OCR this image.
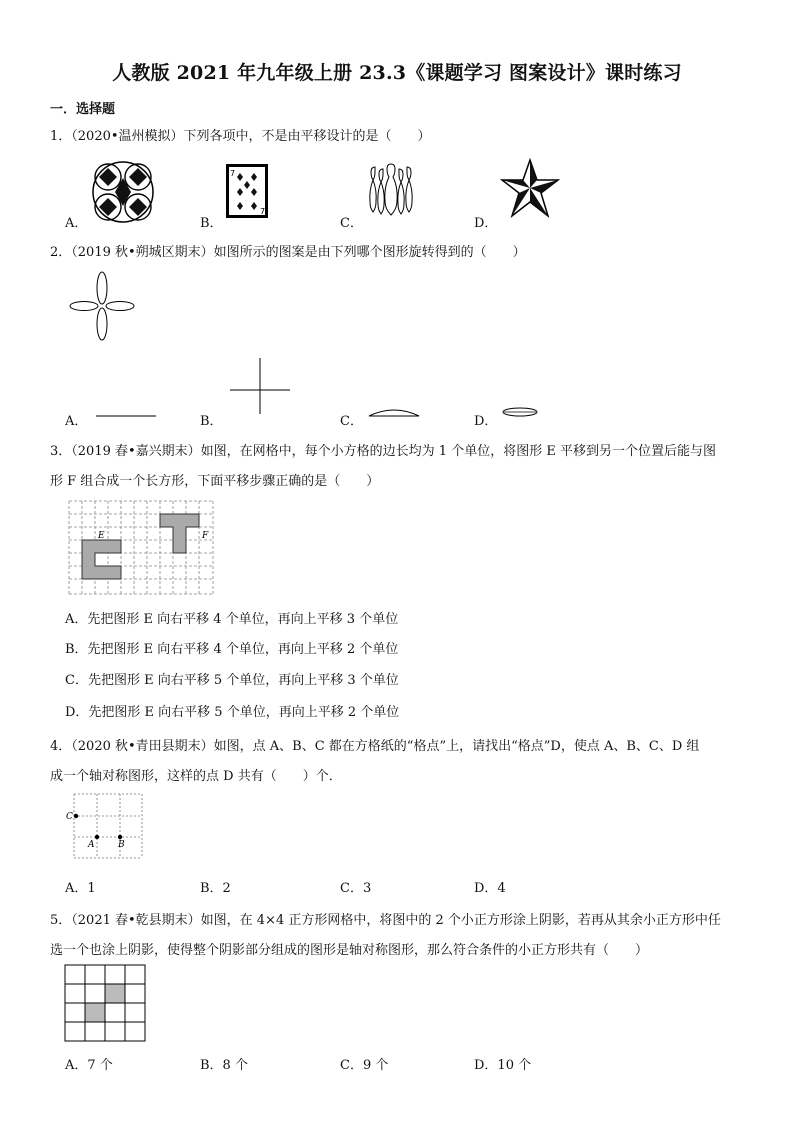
人教版 2021 年九年级上册 23.3《课题学习 图案设计》课时练习
一．选择题
1．（2020•温州模拟）下列各项中，不是由平移设计的是（　　）
7
7
A．	B．	C．	D．
2．（2019 秋•朔城区期末）如图所示的图案是由下列哪个图形旋转得到的（　　）
A．	B．	C．	D．
3．（2019 春•嘉兴期末）如图，在网格中，每个小方格的边长均为 1 个单位，将图形 E 平移到另一个位置后能与图
形 F 组合成一个长方形，下面平移步骤正确的是（　　）
E	F
A．先把图形 E 向右平移 4 个单位，再向上平移 3 个单位
B．先把图形 E 向右平移 4 个单位，再向上平移 2 个单位
C．先把图形 E 向右平移 5 个单位，再向上平移 3 个单位
D．先把图形 E 向右平移 5 个单位，再向上平移 2 个单位
4．（2020 秋•青田县期末）如图，点 A、B、C 都在方格纸的“格点”上，请找出“格点”D，使点 A、B、C、D 组
成一个轴对称图形，这样的点 D 共有（　　）个．
C
A	B
A．1	B．2	C．3	D．4
5．（2021 春•乾县期末）如图，在 4×4 正方形网格中，将图中的 2 个小正方形涂上阴影，若再从其余小正方形中任
选一个也涂上阴影，使得整个阴影部分组成的图形是轴对称图形，那么符合条件的小正方形共有（　　）
A．7 个	B．8 个	C．9 个	D．10 个
